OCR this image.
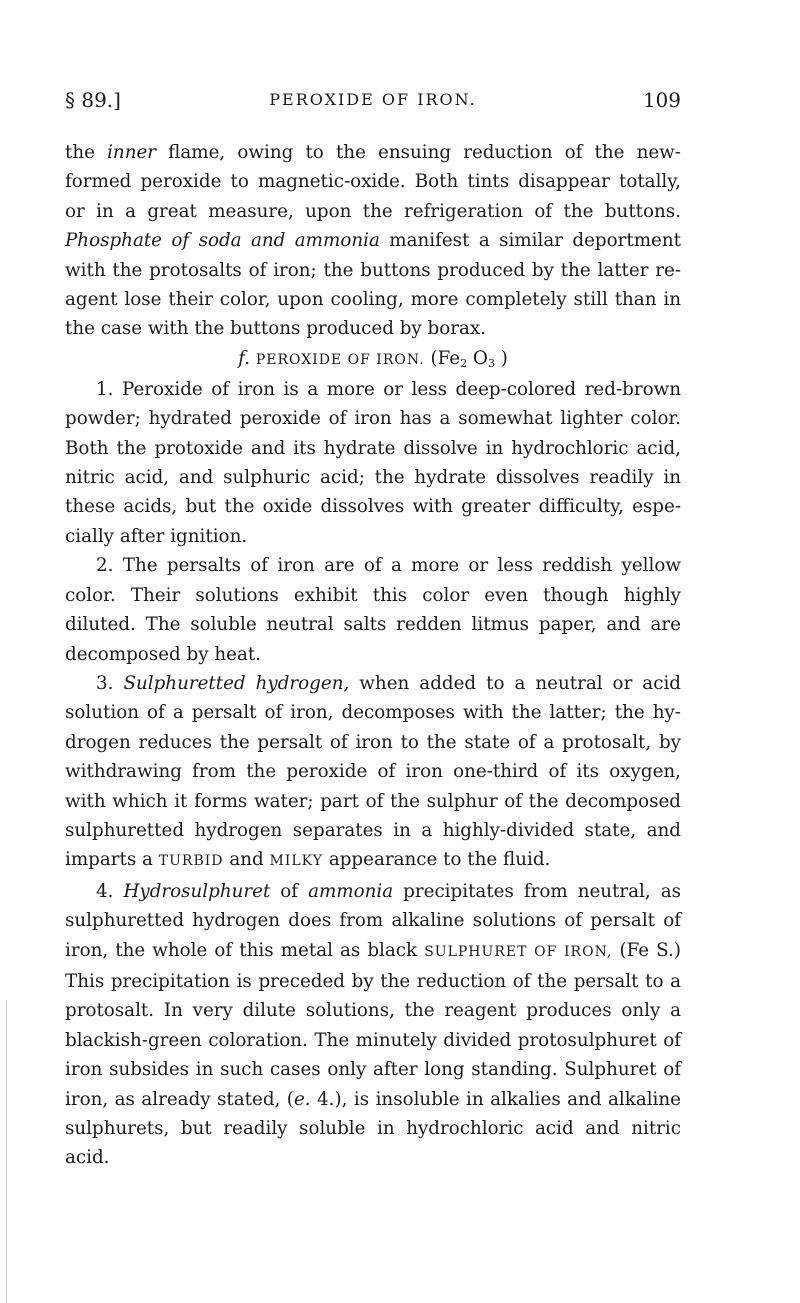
§ 89.]	PEROXIDE OF IRON.	109

the inner flame, owing to the ensuing reduction of the new-formed peroxide to magnetic-oxide. Both tints disappear totally, or in a great measure, upon the refrigeration of the buttons. Phosphate of soda and ammonia manifest a similar deportment with the protosalts of iron; the buttons produced by the latter re-agent lose their color, upon cooling, more completely still than in the case with the buttons produced by borax.

f. PEROXIDE OF IRON. ($Fe_2$ $O_3$ )

1. Peroxide of iron is a more or less deep-colored red-brown powder; hydrated peroxide of iron has a somewhat lighter color. Both the protoxide and its hydrate dissolve in hydrochloric acid, nitric acid, and sulphuric acid; the hydrate dissolves readily in these acids, but the oxide dissolves with greater difficulty, espe-cially after ignition.

2. The persalts of iron are of a more or less reddish yellow color. Their solutions exhibit this color even though highly diluted. The soluble neutral salts redden litmus paper, and are decomposed by heat.

3. Sulphuretted hydrogen, when added to a neutral or acid solution of a persalt of iron, decomposes with the latter; the hy-drogen reduces the persalt of iron to the state of a protosalt, by withdrawing from the peroxide of iron one-third of its oxygen, with which it forms water; part of the sulphur of the decomposed sulphuretted hydrogen separates in a highly-divided state, and imparts a TURBID and MILKY appearance to the fluid.

4. Hydrosulphuret of ammonia precipitates from neutral, as sulphuretted hydrogen does from alkaline solutions of persalt of iron, the whole of this metal as black SULPHURET OF IRON, (Fe S.) This precipitation is preceded by the reduction of the persalt to a protosalt. In very dilute solutions, the reagent produces only a blackish-green coloration. The minutely divided protosulphuret of iron subsides in such cases only after long standing. Sulphuret of iron, as already stated, (e. 4.), is insoluble in alkalies and alkaline sulphurets, but readily soluble in hydrochloric acid and nitric acid.
